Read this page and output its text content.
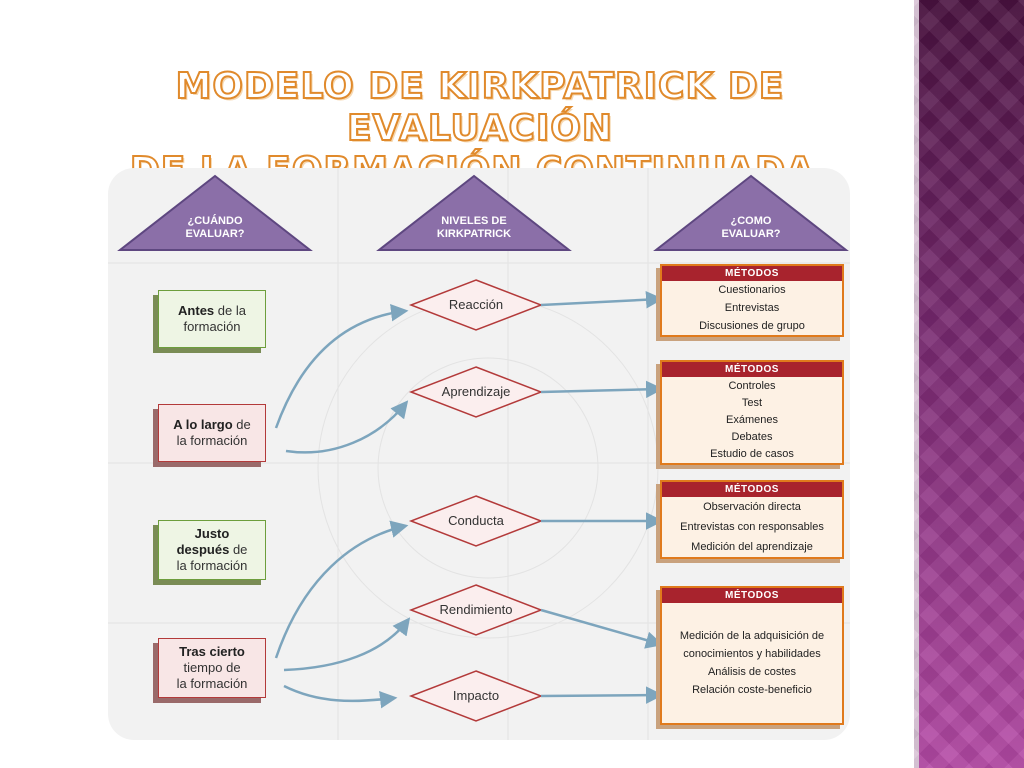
MODELO DE KIRKPATRICK DE EVALUACIÓN
¿CUÁNDO
EVALUAR?
NIVELES DE
KIRKPATRICK
¿COMO
EVALUAR?
Antes de la
formación
A lo largo de
la formación
Justo
después de
la formación
Tras cierto
tiempo de
la formación
Reacción
Aprendizaje
Conducta
Rendimiento
Impacto
MÉTODOS
Cuestionarios
Entrevistas
Discusiones de grupo
MÉTODOS
Controles
Test
Exámenes
Debates
Estudio de casos
MÉTODOS
Observación directa
Entrevistas con responsables
Medición del aprendizaje
MÉTODOS
Medición de la adquisición de
conocimientos y habilidades
Análisis de costes
Relación coste-beneficio
